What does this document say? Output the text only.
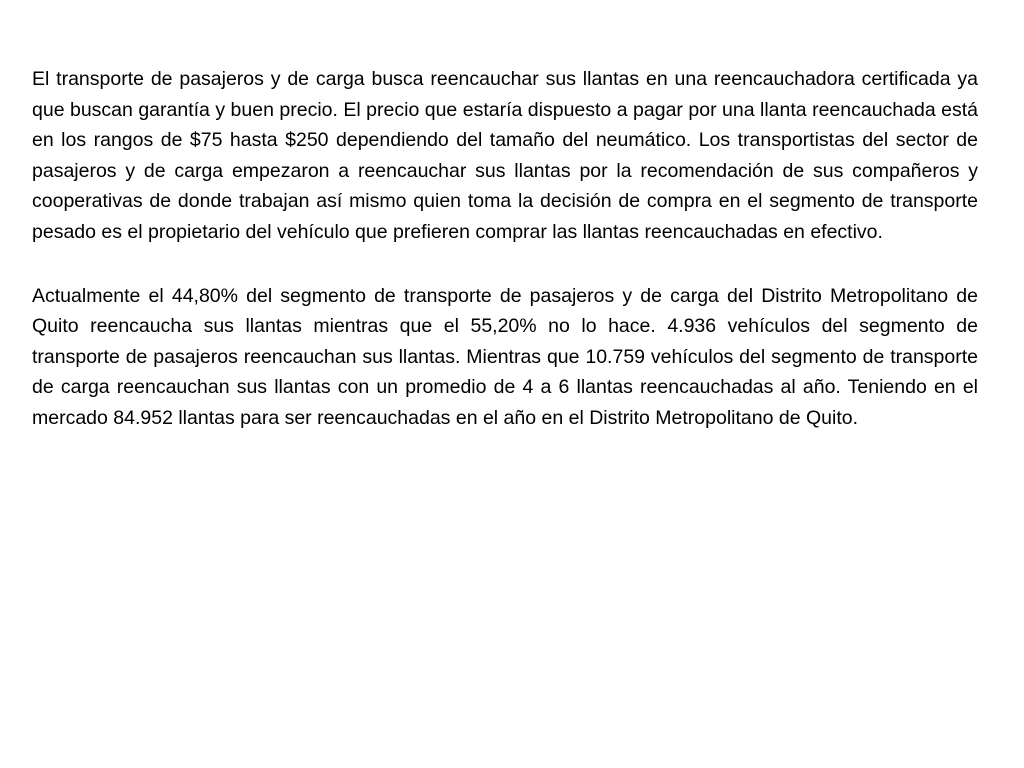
El transporte de pasajeros y de carga busca reencauchar sus llantas en una reencauchadora certificada ya que buscan garantía y buen precio. El precio que estaría dispuesto a pagar por una llanta reencauchada está en los rangos de $75 hasta $250 dependiendo del tamaño del neumático. Los transportistas del sector de pasajeros y de carga empezaron a reencauchar sus llantas por la recomendación de sus compañeros y cooperativas de donde trabajan así mismo quien toma la decisión de compra en el segmento de transporte pesado es el propietario del vehículo que prefieren comprar las llantas reencauchadas en efectivo.

Actualmente el 44,80% del segmento de transporte de pasajeros y de carga del Distrito Metropolitano de Quito reencaucha sus llantas mientras que el 55,20% no lo hace. 4.936 vehículos del segmento de transporte de pasajeros reencauchan sus llantas. Mientras que 10.759 vehículos del segmento de transporte de carga reencauchan sus llantas con un promedio de 4 a 6 llantas reencauchadas al año. Teniendo en el mercado 84.952 llantas para ser reencauchadas en el año en el Distrito Metropolitano de Quito.
